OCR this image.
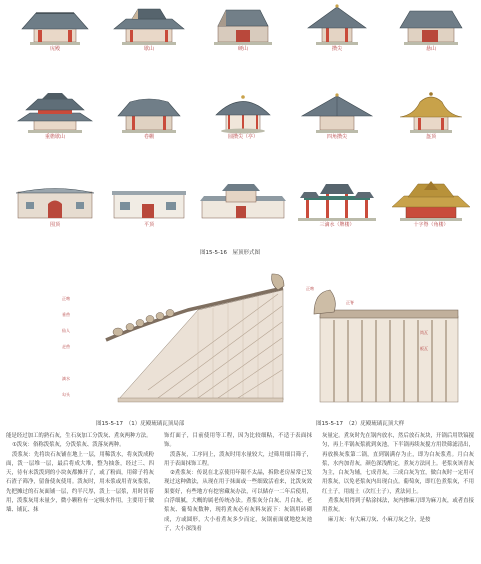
庑殿	歇山	硬山	攒尖	悬山
重檐歇山	卷棚	圆攒尖（亭）	四角攒尖	盔顶
囤顶	平顶	三滴水（牌楼）	十字脊（角楼）
图15-5-16　屋顶形式图
正吻
垂兽
仙人
走兽
滴水
勾头
图15-5-17　（1）庑殿琉璃瓦顶局部
正脊
正吻
筒瓦
板瓦
图15-5-17　（2）庑殿琉璃瓦顶大样

能是经过加工的熟石灰，生石灰加工分泼灰、煮灰两种方法。

①泼灰：俗称泼浆灰，分泼浆灰、泼落灰两种。

泼浆灰：先将块石灰铺在地上一层，用稀泼水，将灰泼成粉面，泼一层堆一层，最后将成大堆，整为抽条，经过三、四天，待有未泼泼到的小块灰都摊开了，或了粉面，用筛子将灰石渣子筛净，留备使灰使用。泼灰时，用未浆或用青灰浆浆，先把摊过的石灰面铺一层，约半尺厚，泼上一层浆，用时切着用，泼浆灰用未量少，微小颗粒有一定吸水作用，主要用于做墙、铺瓦、抹

饰灯面子，目前使用等工程，因为比较细粘，不适于表面抹饰。

泼落灰，工序同上，泼灰时用水量较大，过筛用细目筛子，用于表面抹饰工程。

②煮浆灰：传说在北京使用年限不太晶，拆除老房屋常已发现过这种做法，从现在用于抹面或一些细致活看来，比泼灰效果要好，有些地方有挖窖藏灰办法，可以储存一二年后使用，白浮细腻，大概的属老传统办法。煮浆灰分白灰、月白灰、老浆灰、葡萄灰数种，现将煮灰必有灰料灰液下：灰锅用砖砌成，方或圆形，大小看煮灰多少而定，灰锅前面就地挖灰池子，大小深浅看

灰量定。煮灰时先在锅内放水，然后放石灰块，开锅后用铁镐搅匀，再上半锅灰浆就到灰池，下半锅再续灰搅方用铁筛滤清出，再放换灰浆第二锅，直到锅满存为止，即为白灰浆煮。月白灰浆，水内加青灰，颜色深浅酌定，煮灰方法同上。老浆灰该青灰为主，白灰为辅，七成青灰，三成白灰为宜，做白灰时一定用可用浆灰，以免老浆灰内出现白点。葡萄灰，即红色煮浆灰，不用红土子，用霞土（次红土子），煮法同上。

煮浆灰用得到子粘涂抹法，灰内掺麻刀即为麻刀灰，或者直接用煮灰。

麻刀灰：有大麻刀灰、小麻刀灰之分，是按
